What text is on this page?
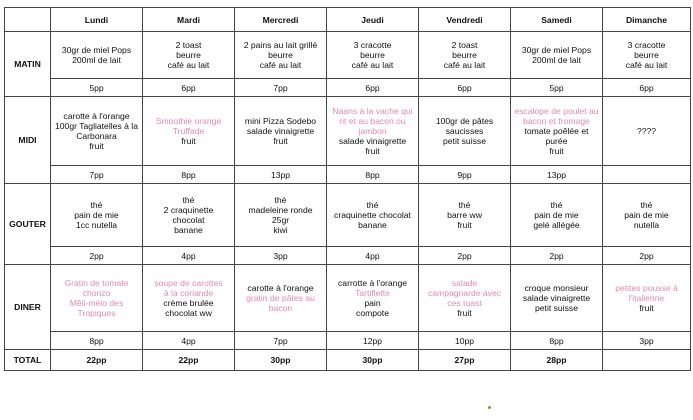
	Lundi	Mardi	Mercredi	Jeudi	Vendredi	Samedi	Dimanche
MATIN	30gr de miel Pops
200ml de lait	2 toast
beurre
café au lait	2 pains au lait grillé
beurre
café au lait	3 cracotte
beurre
café au lait	2 toast
beurre
café au lait	30gr de miel Pops
200ml de lait	3 cracotte
beurre
café au lait

	5pp	6pp	7pp	6pp	6pp	5pp	6pp
MIDI	carotte à l'orange
100gr Tagliatelles à la
Carbonara
fruit	Smoothie orange
Truffade
fruit	mini Pizza Sodebo
salade vinaigrette
fruit	Naans à la vache qui
rit et au bacon ou
jambon
salade vinaigrette
fruit	100gr de pâtes
saucisses
petit suisse	escalope de poulet au
bacon et fromage
tomate poêlée et purée
fruit	????

	7pp	8pp	13pp	8pp	9pp	13pp	
GOUTER	thé
pain de mie
1cc nutella	thé
2 craquinette
chocolat
banane	thé
madeleine ronde
25gr
kiwi	thé
craquinette chocolat
banane	thé
barre ww
fruit	thé
pain de mie
gelé allégée	thé
pain de mie
nutella

	2pp	4pp	3pp	4pp	2pp	2pp	2pp
DINER	Gratin de tomate
chorizo
Mêli-mélo des
Tropiques	soupe de carottes
à la coriande
crème brulée
chocolat ww	carotte à l'orange
gratin de pâtes au
bacon	carrotte à l'orange
Tartiflette
pain
compote	salade
campagnarde avec
ces toast
fruit	croque monsieur
salade vinaigrette
petit suisse	petites pousse à
l'italienne
fruit

	8pp	4pp	7pp	12pp	10pp	8pp	3pp
TOTAL	22pp	22pp	30pp	30pp	27pp	28pp	
